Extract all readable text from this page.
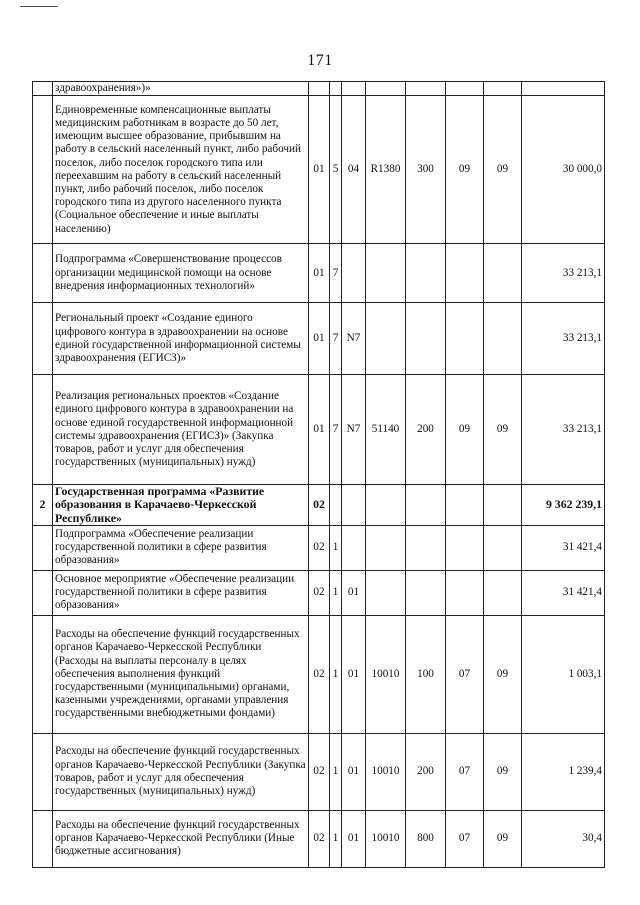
171
	здравоохранения»)»								
	Единовременные компенсационные выплаты медицинским работникам в возрасте до 50 лет, имеющим высшее образование, прибывшим на работу в сельский населенный пункт, либо рабочий поселок, либо поселок городского типа или переехавшим на работу в сельский населенный пункт, либо рабочий поселок, либо поселок городского типа из другого населенного пункта (Социальное обеспечение и иные выплаты населению)	01	5	04	R1380	300	09	09	30 000,0
	Подпрограмма «Совершенствование процессов организации медицинской помощи на основе внедрения информационных технологий»	01	7						33 213,1
	Региональный проект «Создание единого цифрового контура в здравоохранении на основе единой государственной информационной системы здравоохранения (ЕГИСЗ)»	01	7	N7					33 213,1
	Реализация региональных проектов «Создание единого цифрового контура в здравоохранении на основе единой государственной информационной системы здравоохранения (ЕГИСЗ)» (Закупка товаров, работ и услуг для обеспечения государственных (муниципальных) нужд)	01	7	N7	51140	200	09	09	33 213,1
2	Государственная программа «Развитие образования в Карачаево-Черкесской Республике»	02							9 362 239,1
	Подпрограмма «Обеспечение реализации государственной политики в сфере развития образования»	02	1						31 421,4
	Основное мероприятие «Обеспечение реализации государственной политики в сфере развития образования»	02	1	01					31 421,4
	Расходы на обеспечение функций государственных органов Карачаево-Черкесской Республики (Расходы на выплаты персоналу в целях обеспечения выполнения функций государственными (муниципальными) органами, казенными учреждениями, органами управления государственными внебюджетными фондами)	02	1	01	10010	100	07	09	1 003,1
	Расходы на обеспечение функций государственных органов Карачаево-Черкесской Республики (Закупка товаров, работ и услуг для обеспечения государственных (муниципальных) нужд)	02	1	01	10010	200	07	09	1 239,4
	Расходы на обеспечение функций государственных органов Карачаево-Черкесской Республики (Иные бюджетные ассигнования)	02	1	01	10010	800	07	09	30,4
